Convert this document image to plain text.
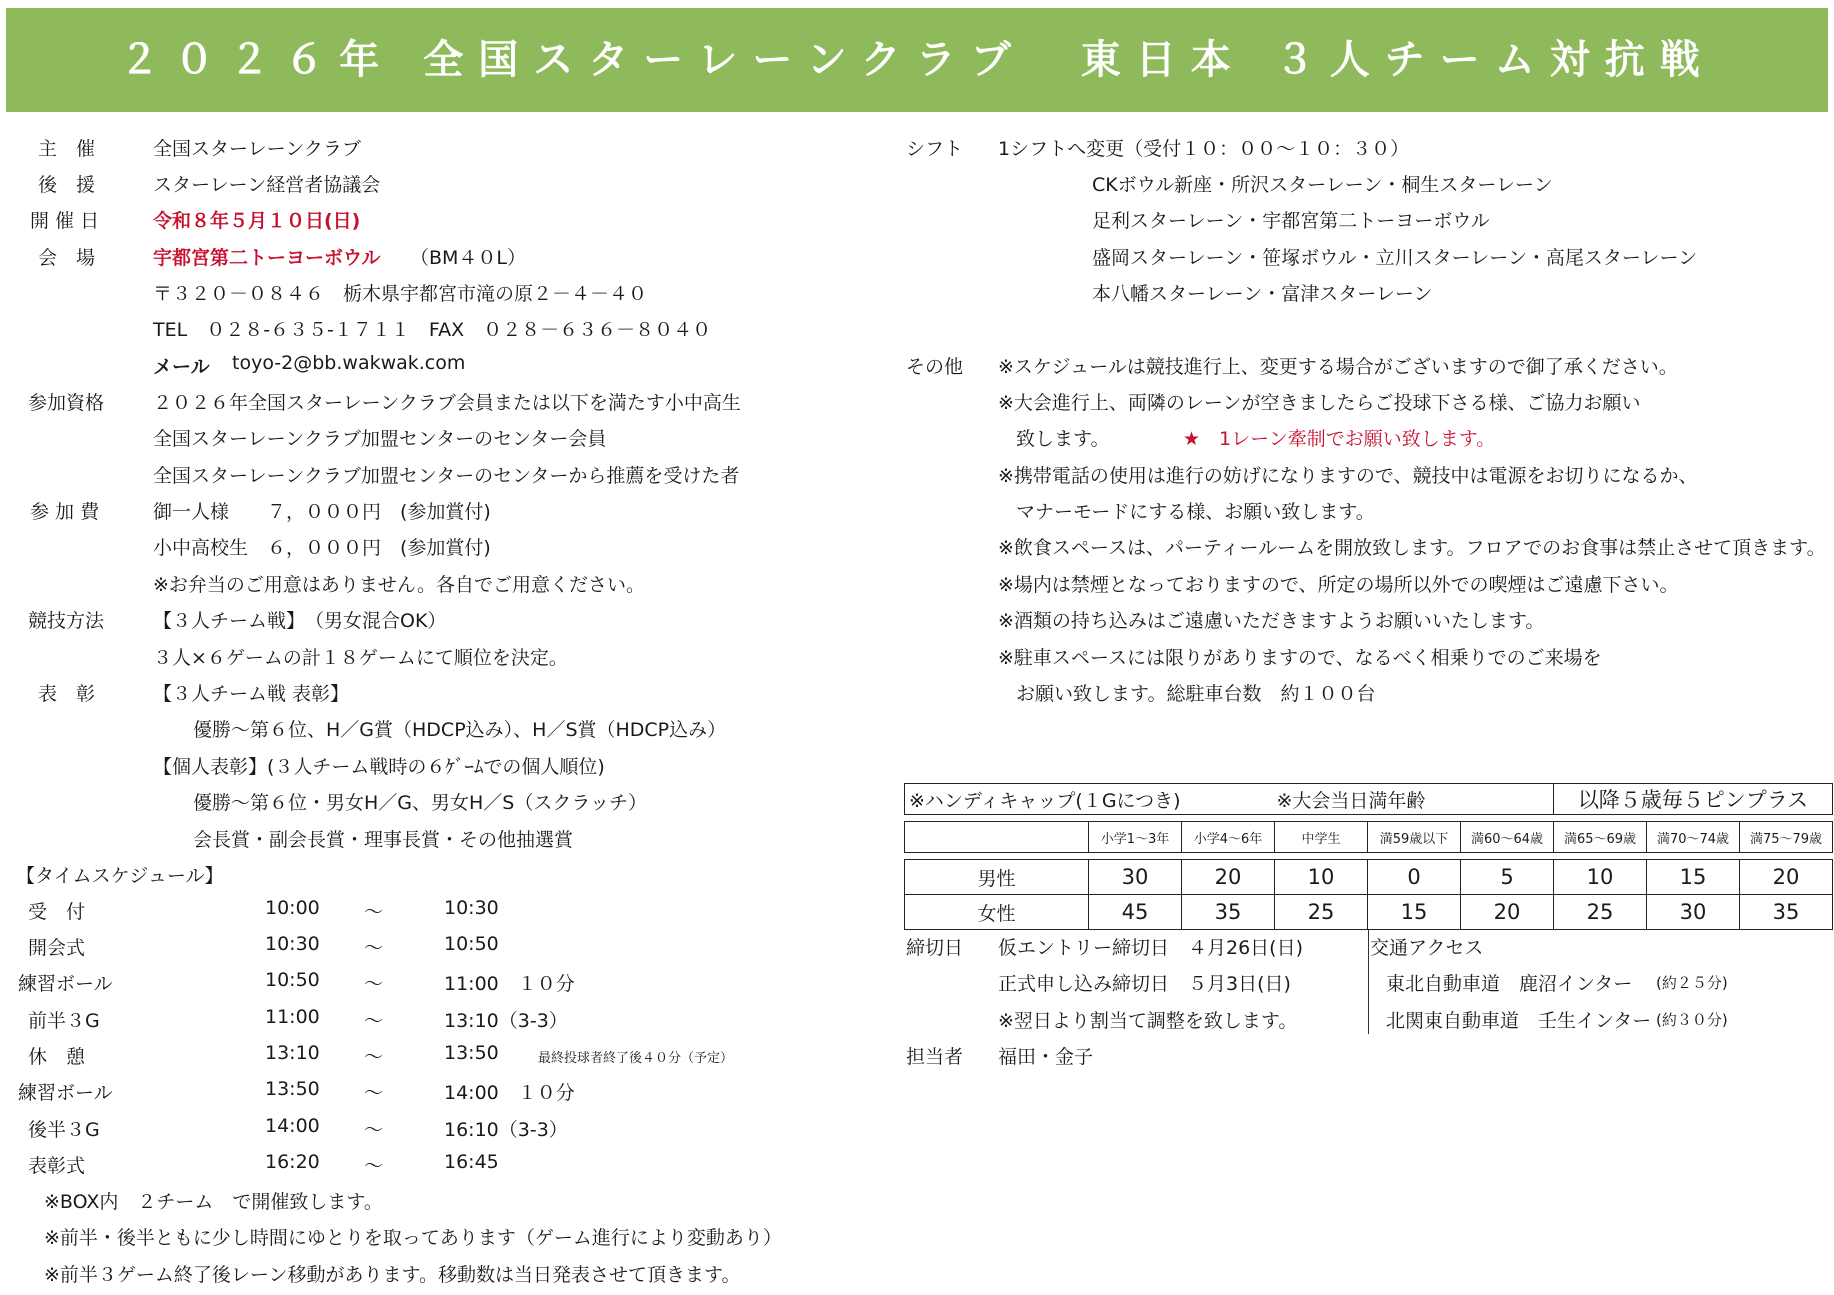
２０２６年 全国スターレーンクラブ　東日本 ３人チーム対抗戦
主　催	全国スターレーンクラブ
後　援	スターレーン経営者協議会
開 催 日	令和８年５月１０日(日)
会　場	宇都宮第二トーヨーボウル （BM４０L）
〒３２０－０８４６　栃木県宇都宮市滝の原２－４－４０
TEL　０２８-６３５-１７１１　FAX　０２８－６３６－８０４０
メール toyo-2@bb.wakwak.com
参加資格	２０２６年全国スターレーンクラブ会員または以下を満たす小中高生
全国スターレーンクラブ加盟センターのセンター会員
全国スターレーンクラブ加盟センターのセンターから推薦を受けた者
参 加 費	御一人様　　７，０００円　(参加賞付)
小中高校生　６，０００円　(参加賞付)
※お弁当のご用意はありません。各自でご用意ください。
競技方法	【３人チーム戦】　（男女混合OK）
３人×６ゲームの計１８ゲームにて順位を決定。
表　彰	【３人チーム戦 表彰】
優勝～第６位、H／G賞（HDCP込み）、H／S賞（HDCP込み）
【個人表彰】(３人チーム戦時の６ｹﾞｰﾑでの個人順位)
優勝～第６位・男女H／G、男女H／S（スクラッチ）
会長賞・副会長賞・理事長賞・その他抽選賞
【タイムスケジュール】
受　付	10:00 ～	10:30
開会式	10:30 ～	10:50
練習ボール	10:50 ～	11:00　１０分
前半３G	11:00 ～	13:10（3-3）
休　憩	13:10 ～	13:50	最終投球者終了後４０分（予定）
練習ボール	13:50 ～	14:00　１０分
後半３G	14:00 ～	16:10（3-3）
表彰式	16:20 ～	16:45
※BOX内　２チーム　で開催致します。
※前半・後半ともに少し時間にゆとりを取ってあります（ゲーム進行により変動あり）
※前半３ゲーム終了後レーン移動があります。移動数は当日発表させて頂きます。
シフト 1シフトへ変更（受付１０：００～１０：３０）
CKボウル新座・所沢スターレーン・桐生スターレーン
足利スターレーン・宇都宮第二トーヨーボウル
盛岡スターレーン・笹塚ボウル・立川スターレーン・高尾スターレーン
本八幡スターレーン・富津スターレーン
その他 ※スケジュールは競技進行上、変更する場合がございますので御了承ください。
※大会進行上、両隣のレーンが空きましたらご投球下さる様、ご協力お願い
致します。	★　1レーン牽制でお願い致します。
※携帯電話の使用は進行の妨げになりますので、競技中は電源をお切りになるか、
マナーモードにする様、お願い致します。
※飲食スペースは、パーティールームを開放致します。フロアでのお食事は禁止させて頂きます。
※場内は禁煙となっておりますので、所定の場所以外での喫煙はご遠慮下さい。
※酒類の持ち込みはご遠慮いただきますようお願いいたします。
※駐車スペースには限りがありますので、なるべく相乗りでのご来場を
お願い致します。総駐車台数　約１００台
※ハンディキャップ(１Gにつき)			※大会当日満年齢			以降５歳毎５ピンプラス		

	小学1～3年	小学4～6年	中学生	満59歳以下	満60～64歳	満65～69歳	満70～74歳	満75～79歳

男性	30	20	10	0	5	10	15	20
女性	45	35	25	15	20	25	30	35
締切日 仮エントリー締切日　４月26日(日)
正式申し込み締切日　５月3日(日)
※翌日より割当て調整を致します。
交通アクセス
東北自動車道　鹿沼インター (約２５分)
北関東自動車道　壬生インター (約３０分)
担当者 福田・金子
